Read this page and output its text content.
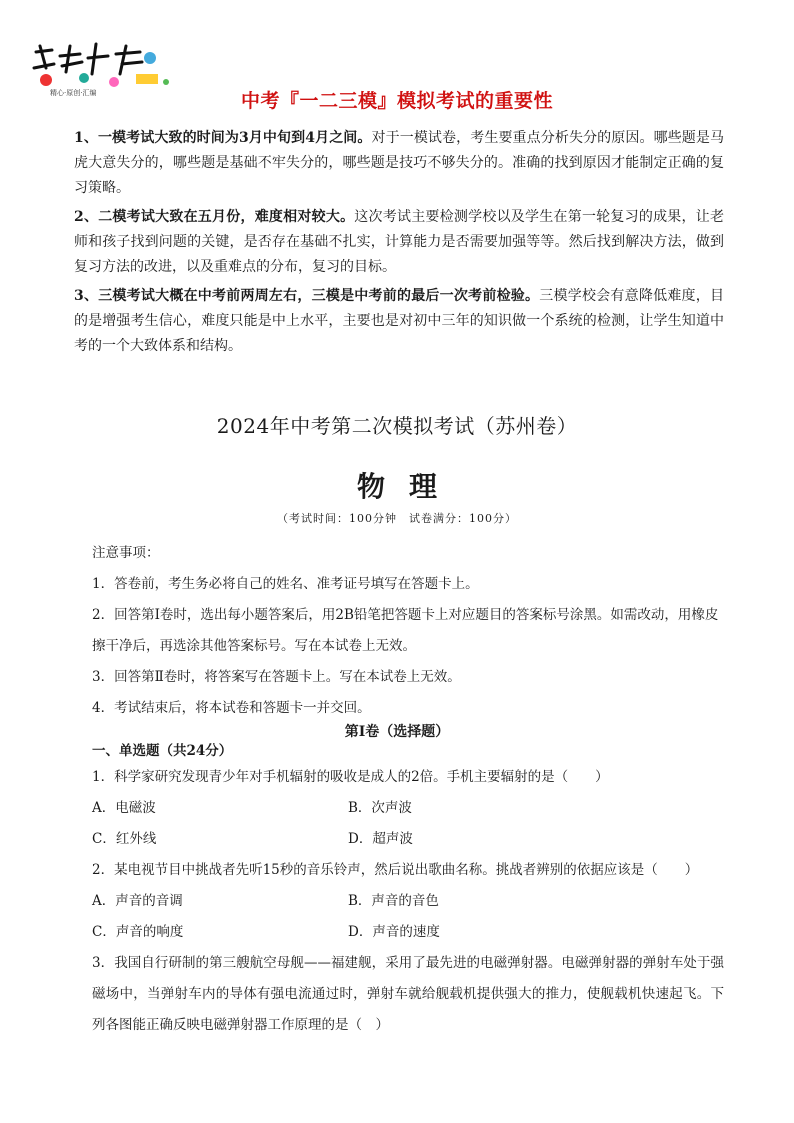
精心·原创·汇编	中考『一二三模』模拟考试的重要性

1、一模考试大致的时间为3月中旬到4月之间。对于一模试卷，考生要重点分析失分的原因。哪些题是马虎大意失分的，哪些题是基础不牢失分的，哪些题是技巧不够失分的。准确的找到原因才能制定正确的复习策略。

2、二模考试大致在五月份，难度相对较大。这次考试主要检测学校以及学生在第一轮复习的成果，让老师和孩子找到问题的关键，是否存在基础不扎实，计算能力是否需要加强等等。然后找到解决方法，做到复习方法的改进，以及重难点的分布，复习的目标。

3、三模考试大概在中考前两周左右，三模是中考前的最后一次考前检验。三模学校会有意降低难度，目的是增强考生信心，难度只能是中上水平，主要也是对初中三年的知识做一个系统的检测，让学生知道中考的一个大致体系和结构。

2024年中考第二次模拟考试（苏州卷）
物理
（考试时间：100分钟　试卷满分：100分）

注意事项：

1．答卷前，考生务必将自己的姓名、准考证号填写在答题卡上。

2．回答第Ⅰ卷时，选出每小题答案后，用2B铅笔把答题卡上对应题目的答案标号涂黑。如需改动，用橡皮擦干净后，再选涂其他答案标号。写在本试卷上无效。

3．回答第Ⅱ卷时，将答案写在答题卡上。写在本试卷上无效。

4．考试结束后，将本试卷和答题卡一并交回。

第Ⅰ卷（选择题）

一、单选题（共24分）

1．科学家研究发现青少年对手机辐射的吸收是成人的2倍。手机主要辐射的是（　　）

A．电磁波	B．次声波
C．红外线	D．超声波

2．某电视节目中挑战者先听15秒的音乐铃声，然后说出歌曲名称。挑战者辨别的依据应该是（　　）

A．声音的音调	B．声音的音色
C．声音的响度	D．声音的速度

3．我国自行研制的第三艘航空母舰——福建舰，采用了最先进的电磁弹射器。电磁弹射器的弹射车处于强磁场中，当弹射车内的导体有强电流通过时，弹射车就给舰载机提供强大的推力，使舰载机快速起飞。下列各图能正确反映电磁弹射器工作原理的是（　）
